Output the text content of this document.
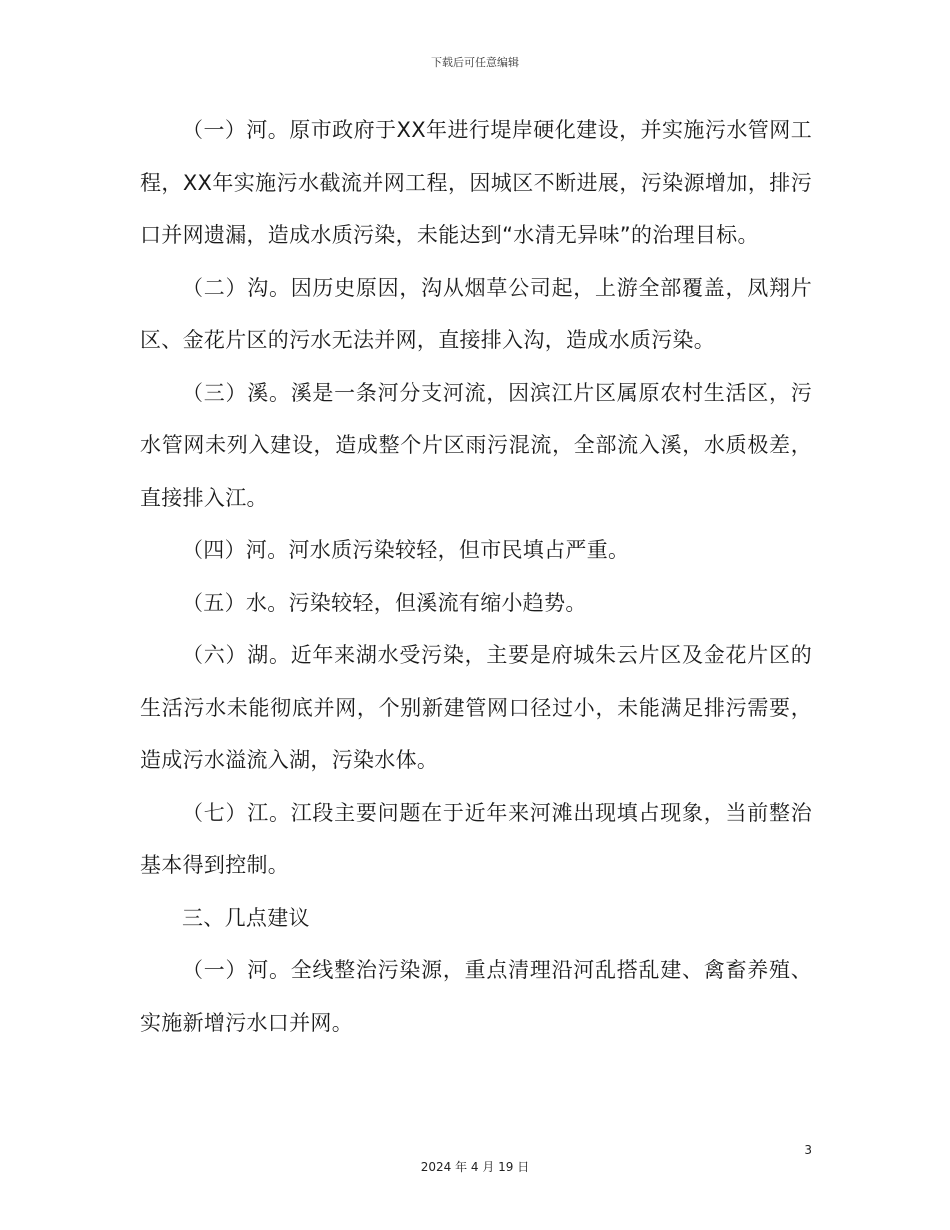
下载后可任意编辑

（一）河。原市政府于XX年进行堤岸硬化建设，并实施污水管网工程，XX年实施污水截流并网工程，因城区不断进展，污染源增加，排污口并网遗漏，造成水质污染，未能达到“水清无异味”的治理目标。

（二）沟。因历史原因，沟从烟草公司起，上游全部覆盖，凤翔片区、金花片区的污水无法并网，直接排入沟，造成水质污染。

（三）溪。溪是一条河分支河流，因滨江片区属原农村生活区，污水管网未列入建设，造成整个片区雨污混流，全部流入溪，水质极差，直接排入江。

（四）河。河水质污染较轻，但市民填占严重。

（五）水。污染较轻，但溪流有缩小趋势。

（六）湖。近年来湖水受污染，主要是府城朱云片区及金花片区的生活污水未能彻底并网，个别新建管网口径过小，未能满足排污需要，造成污水溢流入湖，污染水体。

（七）江。江段主要问题在于近年来河滩出现填占现象，当前整治基本得到控制。

三、几点建议

（一）河。全线整治污染源，重点清理沿河乱搭乱建、禽畜养殖、实施新增污水口并网。

3
2024 年 4 月 19 日
